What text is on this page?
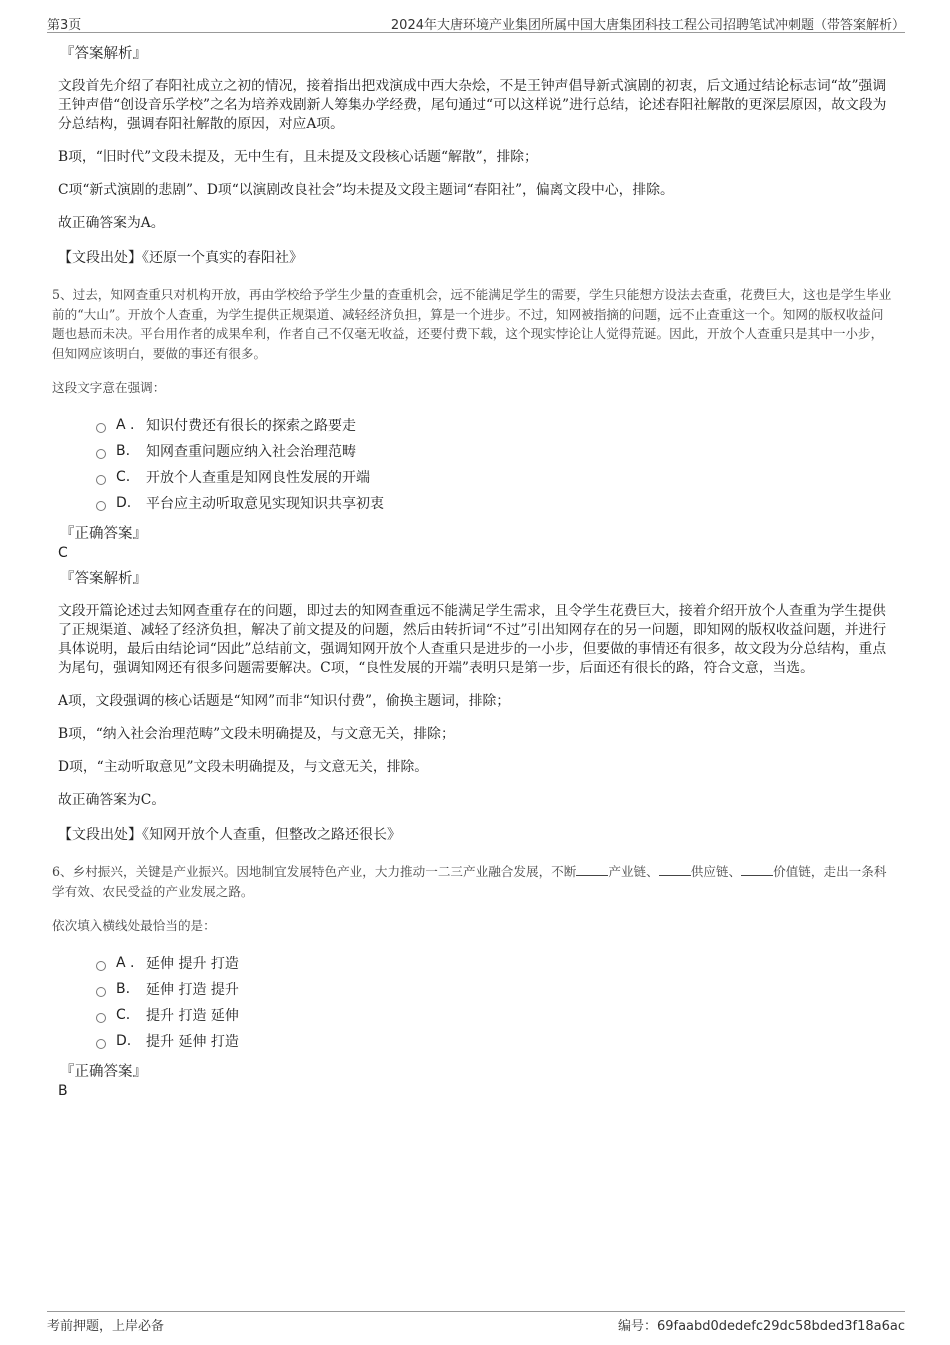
第3页	2024年大唐环境产业集团所属中国大唐集团科技工程公司招聘笔试冲刺题（带答案解析）
『答案解析』

文段首先介绍了春阳社成立之初的情况，接着指出把戏演成中西大杂烩，不是王钟声倡导新式演剧的初衷，后文通过结论标志词“故”强调王钟声借“创设音乐学校”之名为培养戏剧新人筹集办学经费，尾句通过“可以这样说”进行总结，论述春阳社解散的更深层原因，故文段为分总结构，强调春阳社解散的原因，对应A项。

B项，“旧时代”文段未提及，无中生有，且未提及文段核心话题“解散”，排除；

C项“新式演剧的悲剧”、D项“以演剧改良社会”均未提及文段主题词“春阳社”，偏离文段中心，排除。

故正确答案为A。

【文段出处】《还原一个真实的春阳社》

5、过去，知网查重只对机构开放，再由学校给予学生少量的查重机会，远不能满足学生的需要，学生只能想方设法去查重，花费巨大，这也是学生毕业前的“大山”。开放个人查重，为学生提供正规渠道、减轻经济负担，算是一个进步。不过，知网被指摘的问题，远不止查重这一个。知网的版权收益问题也悬而未决。平台用作者的成果牟利，作者自己不仅毫无收益，还要付费下载，这个现实悖论让人觉得荒诞。因此，开放个人查重只是其中一小步，但知网应该明白，要做的事还有很多。

这段文字意在强调：

A . 知识付费还有很长的探索之路要走
B.	知网查重问题应纳入社会治理范畴
C.	开放个人查重是知网良性发展的开端
D.	平台应主动听取意见实现知识共享初衷
『正确答案』
C
『答案解析』

文段开篇论述过去知网查重存在的问题，即过去的知网查重远不能满足学生需求，且令学生花费巨大，接着介绍开放个人查重为学生提供了正规渠道、减轻了经济负担，解决了前文提及的问题，然后由转折词“不过”引出知网存在的另一问题，即知网的版权收益问题，并进行具体说明，最后由结论词“因此”总结前文，强调知网开放个人查重只是进步的一小步，但要做的事情还有很多，故文段为分总结构，重点为尾句，强调知网还有很多问题需要解决。C项，“良性发展的开端”表明只是第一步，后面还有很长的路，符合文意，当选。

A项，文段强调的核心话题是“知网”而非“知识付费”，偷换主题词，排除；

B项，“纳入社会治理范畴”文段未明确提及，与文意无关，排除；

D项，“主动听取意见”文段未明确提及，与文意无关，排除。

故正确答案为C。

【文段出处】《知网开放个人查重，但整改之路还很长》

6、乡村振兴，关键是产业振兴。因地制宜发展特色产业，大力推动一二三产业融合发展，不断	产业链、	供应链、	价值链，走出一条科学有效、农民受益的产业发展之路。

依次填入横线处最恰当的是：

A . 延伸 提升 打造
B.	延伸 打造 提升
C.	提升 打造 延伸
D.	提升 延伸 打造
『正确答案』
B
考前押题，上岸必备	编号：69faabd0dedefc29dc58bded3f18a6ac
